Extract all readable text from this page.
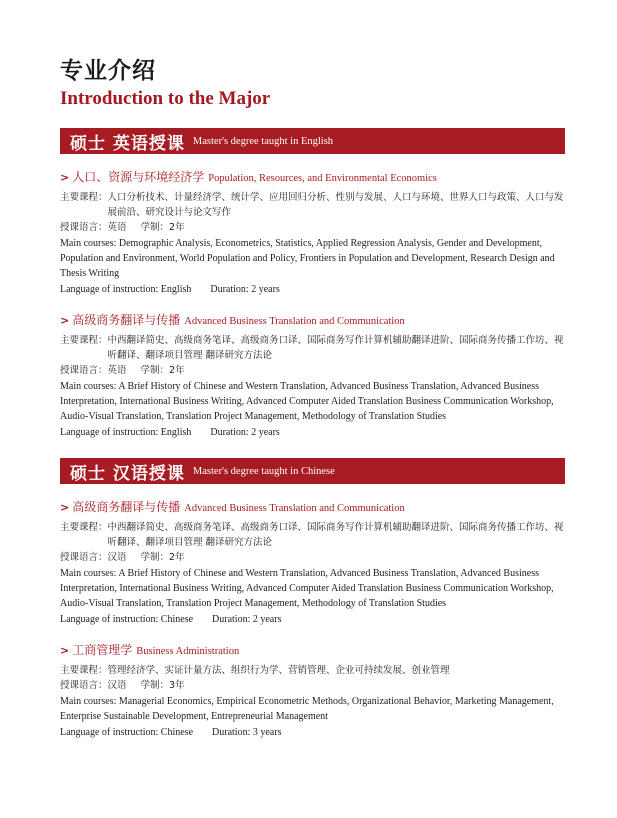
专业介绍
Introduction to the Major
硕士 英语授课 Master's degree taught in English
> 人口、资源与环境经济学 Population, Resources, and Environmental Economics
主要课程： 人口分析技术、计量经济学、统计学、应用回归分析、性别与发展、人口与环境、世界人口与政策、人口与发展前沿、研究设计与论文写作
授课语言： 英语 学制： 2年
Main courses: Demographic Analysis, Econometrics, Statistics, Applied Regression Analysis, Gender and Development, Population and Environment, World Population and Policy, Frontiers in Population and Development, Research Design and Thesis Writing
Language of instruction: English Duration: 2 years
> 高级商务翻译与传播 Advanced Business Translation and Communication
主要课程： 中西翻译简史、高级商务笔译、高级商务口译、国际商务写作计算机辅助翻译进阶、国际商务传播工作坊、视听翻译、翻译项目管理 翻译研究方法论
授课语言： 英语 学制： 2年
Main courses: A Brief History of Chinese and Western Translation, Advanced Business Translation, Advanced Business Interpretation, International Business Writing, Advanced Computer Aided Translation Business Communication Workshop, Audio-Visual Translation, Translation Project Management, Methodology of Translation Studies
Language of instruction: English Duration: 2 years
硕士 汉语授课 Master's degree taught in Chinese
> 高级商务翻译与传播 Advanced Business Translation and Communication
主要课程： 中西翻译简史、高级商务笔译、高级商务口译、国际商务写作计算机辅助翻译进阶、国际商务传播工作坊、视听翻译、翻译项目管理 翻译研究方法论
授课语言： 汉语 学制： 2年
Main courses: A Brief History of Chinese and Western Translation, Advanced Business Translation, Advanced Business Interpretation, International Business Writing, Advanced Computer Aided Translation Business Communication Workshop, Audio-Visual Translation, Translation Project Management, Methodology of Translation Studies
Language of instruction: Chinese Duration: 2 years
> 工商管理学 Business Administration
主要课程： 管理经济学、实证计量方法、组织行为学、营销管理、企业可持续发展、创业管理
授课语言： 汉语 学制： 3年
Main courses: Managerial Economics, Empirical Econometric Methods, Organizational Behavior, Marketing Management, Enterprise Sustainable Development, Entrepreneurial Management
Language of instruction: Chinese Duration: 3 years
